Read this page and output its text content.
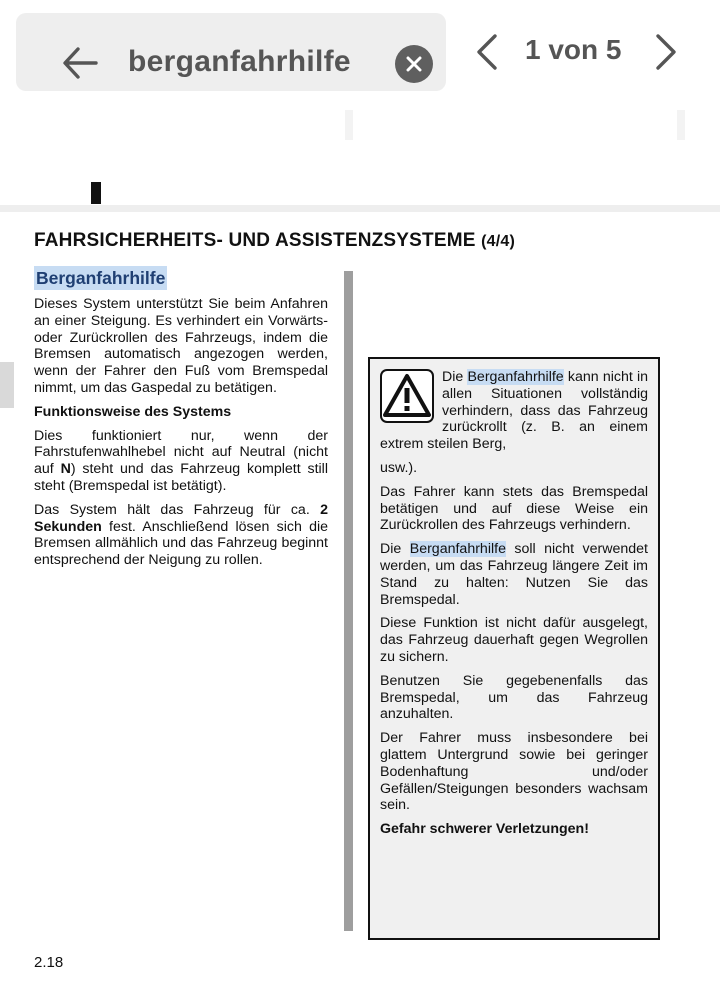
berganfahrhilfe	1 von 5
FAHRSICHERHEITS- UND ASSISTENZSYSTEME (4/4)
Berganfahrhilfe

Dieses System unterstützt Sie beim Anfahren an einer Steigung. Es verhindert ein Vorwärts- oder Zurückrollen des Fahrzeugs, indem die Bremsen automatisch angezogen werden, wenn der Fahrer den Fuß vom Bremspedal nimmt, um das Gaspedal zu betätigen.

Funktionsweise des Systems

Dies funktioniert nur, wenn der Fahrstufenwahlhebel nicht auf Neutral (nicht auf N) steht und das Fahrzeug komplett still steht (Bremspedal ist betätigt).

Das System hält das Fahrzeug für ca. 2 Sekunden fest. Anschließend lösen sich die Bremsen allmählich und das Fahrzeug beginnt entsprechend der Neigung zu rollen.

Die Berganfahrhilfe kann nicht in allen Situationen vollständig verhindern, dass das Fahrzeug zurückrollt (z. B. an einem extrem steilen Berg,

usw.).

Das Fahrer kann stets das Bremspedal betätigen und auf diese Weise ein Zurückrollen des Fahrzeugs verhindern.

Die Berganfahrhilfe soll nicht verwendet werden, um das Fahrzeug längere Zeit im Stand zu halten: Nutzen Sie das Bremspedal.

Diese Funktion ist nicht dafür ausgelegt, das Fahrzeug dauerhaft gegen Wegrollen zu sichern.

Benutzen Sie gegebenenfalls das Bremspedal, um das Fahrzeug anzuhalten.

Der Fahrer muss insbesondere bei glattem Untergrund sowie bei geringer Bodenhaftung und/oder Gefällen/Steigungen besonders wachsam sein.

Gefahr schwerer Verletzungen!

2.18
